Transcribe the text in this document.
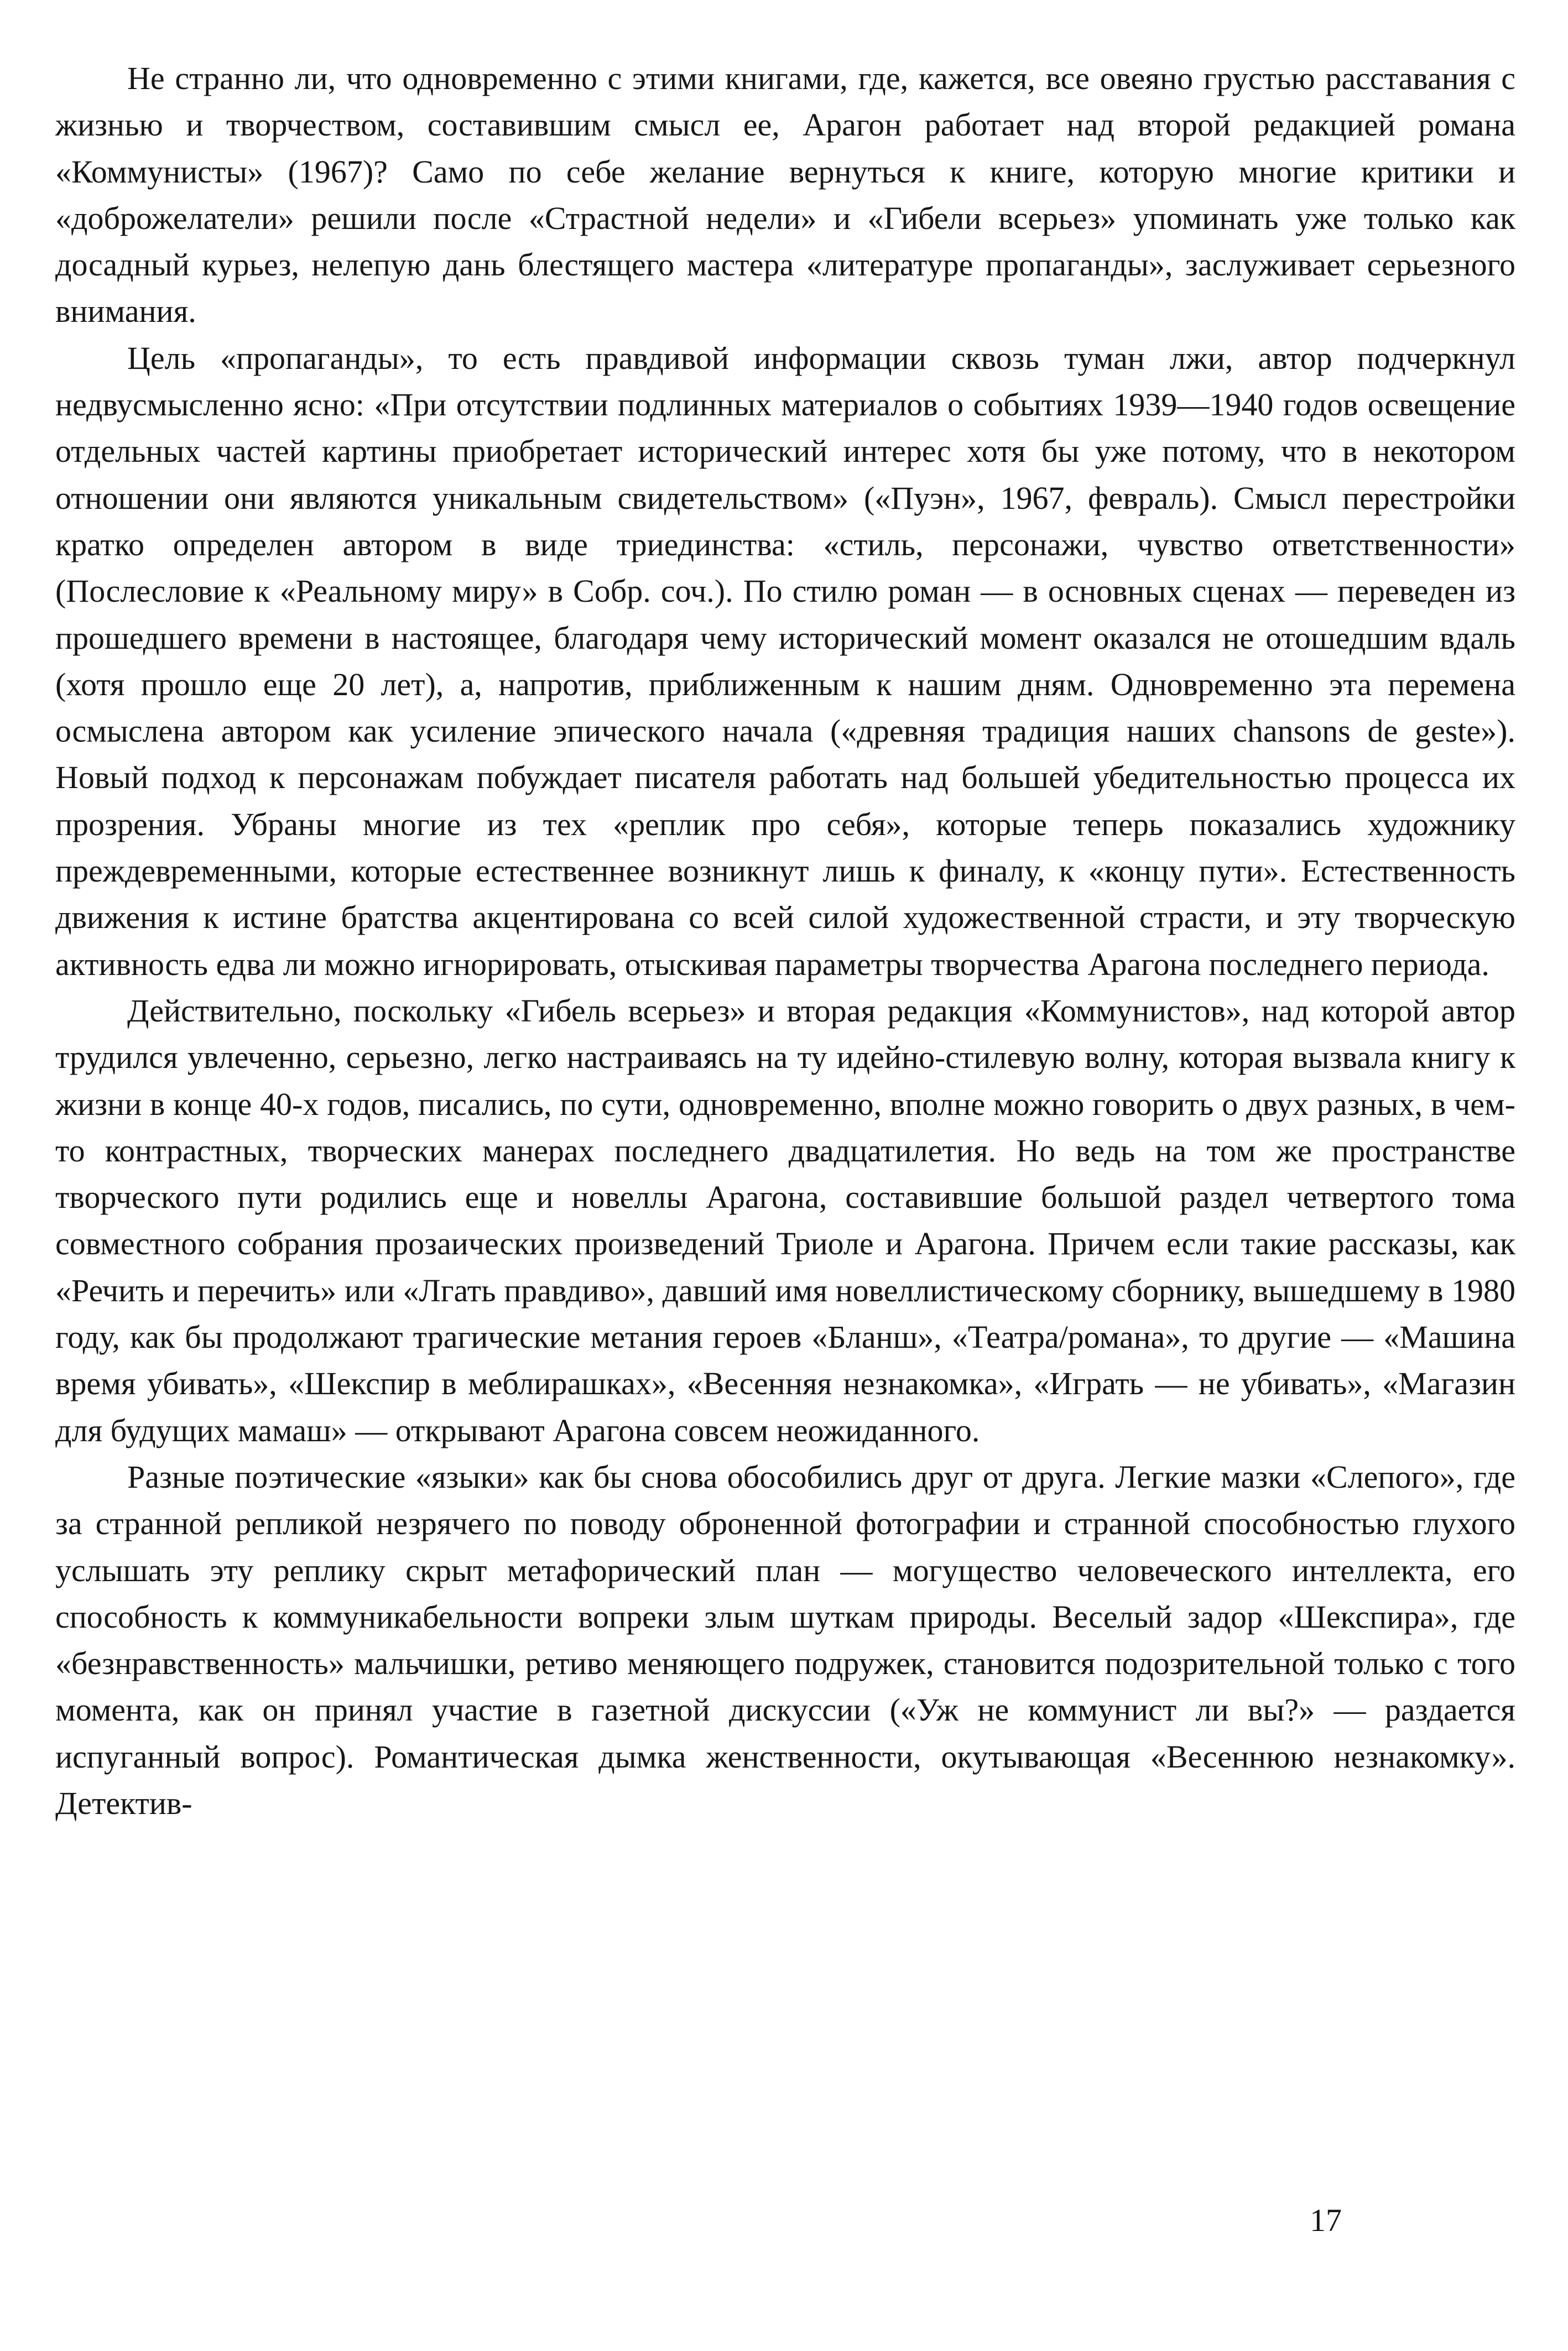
Не странно ли, что одновременно с этими книгами, где, кажется, все овеяно грустью расставания с жизнью и творчеством, составившим смысл ее, Арагон работает над второй редакцией романа «Коммунисты» (1967)? Само по себе желание вернуться к книге, которую многие критики и «доброжелатели» решили после «Страстной недели» и «Гибели всерьез» упоминать уже только как досадный курьез, нелепую дань блестящего мастера «литературе пропаганды», заслуживает серьезного внимания.

Цель «пропаганды», то есть правдивой информации сквозь туман лжи, автор подчеркнул недвусмысленно ясно: «При отсутствии подлинных материалов о событиях 1939—1940 годов освещение отдельных частей картины приобретает исторический интерес хотя бы уже потому, что в некотором отношении они являются уникальным свидетельством» («Пуэн», 1967, февраль). Смысл перестройки кратко определен автором в виде триединства: «стиль, персонажи, чувство ответственности» (Послесловие к «Реальному миру» в Собр. соч.). По стилю роман — в основных сценах — переведен из прошедшего времени в настоящее, благодаря чему исторический момент оказался не отошедшим вдаль (хотя прошло еще 20 лет), а, напротив, приближенным к нашим дням. Одновременно эта перемена осмыслена автором как усиление эпического начала («древняя традиция наших chansons de geste»). Новый подход к персонажам побуждает писателя работать над большей убедительностью процесса их прозрения. Убраны многие из тех «реплик про себя», которые теперь показались художнику преждевременными, которые естественнее возникнут лишь к финалу, к «концу пути». Естественность движения к истине братства акцентирована со всей силой художественной страсти, и эту творческую активность едва ли можно игнорировать, отыскивая параметры творчества Арагона последнего периода.

Действительно, поскольку «Гибель всерьез» и вторая редакция «Коммунистов», над которой автор трудился увлеченно, серьезно, легко настраиваясь на ту идейно-стилевую волну, которая вызвала книгу к жизни в конце 40-х годов, писались, по сути, одновременно, вполне можно говорить о двух разных, в чем-то контрастных, творческих манерах последнего двадцатилетия. Но ведь на том же пространстве творческого пути родились еще и новеллы Арагона, составившие большой раздел четвертого тома совместного собрания прозаических произведений Триоле и Арагона. Причем если такие рассказы, как «Речить и перечить» или «Лгать правдиво», давший имя новеллистическому сборнику, вышедшему в 1980 году, как бы продолжают трагические метания героев «Бланш», «Театра/романа», то другие — «Машина время убивать», «Шекспир в меблирашках», «Весенняя незнакомка», «Играть — не убивать», «Магазин для будущих мамаш» — открывают Арагона совсем неожиданного.

Разные поэтические «языки» как бы снова обособились друг от друга. Легкие мазки «Слепого», где за странной репликой незрячего по поводу оброненной фотографии и странной способностью глухого услышать эту реплику скрыт метафорический план — могущество человеческого интеллекта, его способность к коммуникабельности вопреки злым шуткам природы. Веселый задор «Шекспира», где «безнравственность» мальчишки, ретиво меняющего подружек, становится подозрительной только с того момента, как он принял участие в газетной дискуссии («Уж не коммунист ли вы?» — раздается испуганный вопрос). Романтическая дымка женственности, окутывающая «Весеннюю незнакомку». Детектив-

17
